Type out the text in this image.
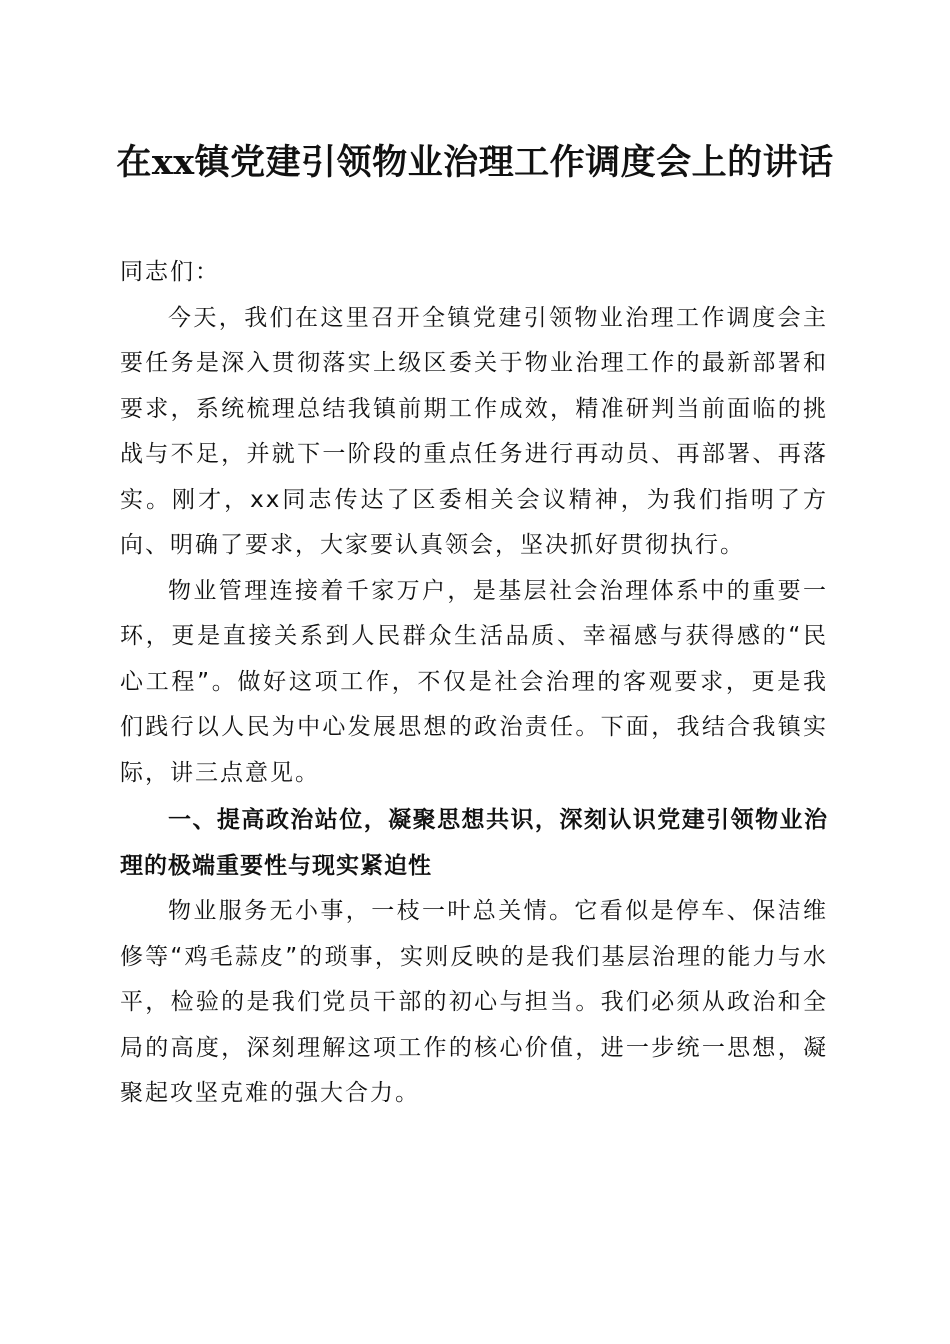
在xx镇党建引领物业治理工作调度会上的讲话

同志们：

今天，我们在这里召开全镇党建引领物业治理工作调度会主要任务是深入贯彻落实上级区委关于物业治理工作的最新部署和要求，系统梳理总结我镇前期工作成效，精准研判当前面临的挑战与不足，并就下一阶段的重点任务进行再动员、再部署、再落实。刚才，xx同志传达了区委相关会议精神，为我们指明了方向、明确了要求，大家要认真领会，坚决抓好贯彻执行。

物业管理连接着千家万户，是基层社会治理体系中的重要一环，更是直接关系到人民群众生活品质、幸福感与获得感的“民心工程”。做好这项工作，不仅是社会治理的客观要求，更是我们践行以人民为中心发展思想的政治责任。下面，我结合我镇实际，讲三点意见。

一、提高政治站位，凝聚思想共识，深刻认识党建引领物业治理的极端重要性与现实紧迫性

物业服务无小事，一枝一叶总关情。它看似是停车、保洁维修等“鸡毛蒜皮”的琐事，实则反映的是我们基层治理的能力与水平，检验的是我们党员干部的初心与担当。我们必须从政治和全局的高度，深刻理解这项工作的核心价值，进一步统一思想，凝聚起攻坚克难的强大合力。
